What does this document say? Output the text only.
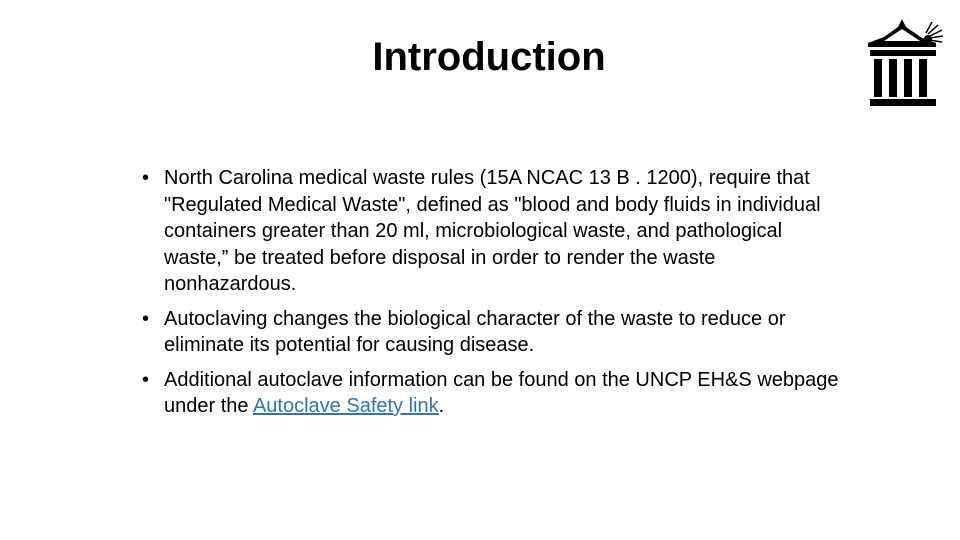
Introduction
• North Carolina medical waste rules (15A NCAC 13 B . 1200), require that "Regulated Medical Waste", defined as "blood and body fluids in individual containers greater than 20 ml, microbiological waste, and pathological waste,” be treated before disposal in order to render the waste nonhazardous.
• Autoclaving changes the biological character of the waste to reduce or eliminate its potential for causing disease.
• Additional autoclave information can be found on the UNCP EH&S webpage under the Autoclave Safety link.
